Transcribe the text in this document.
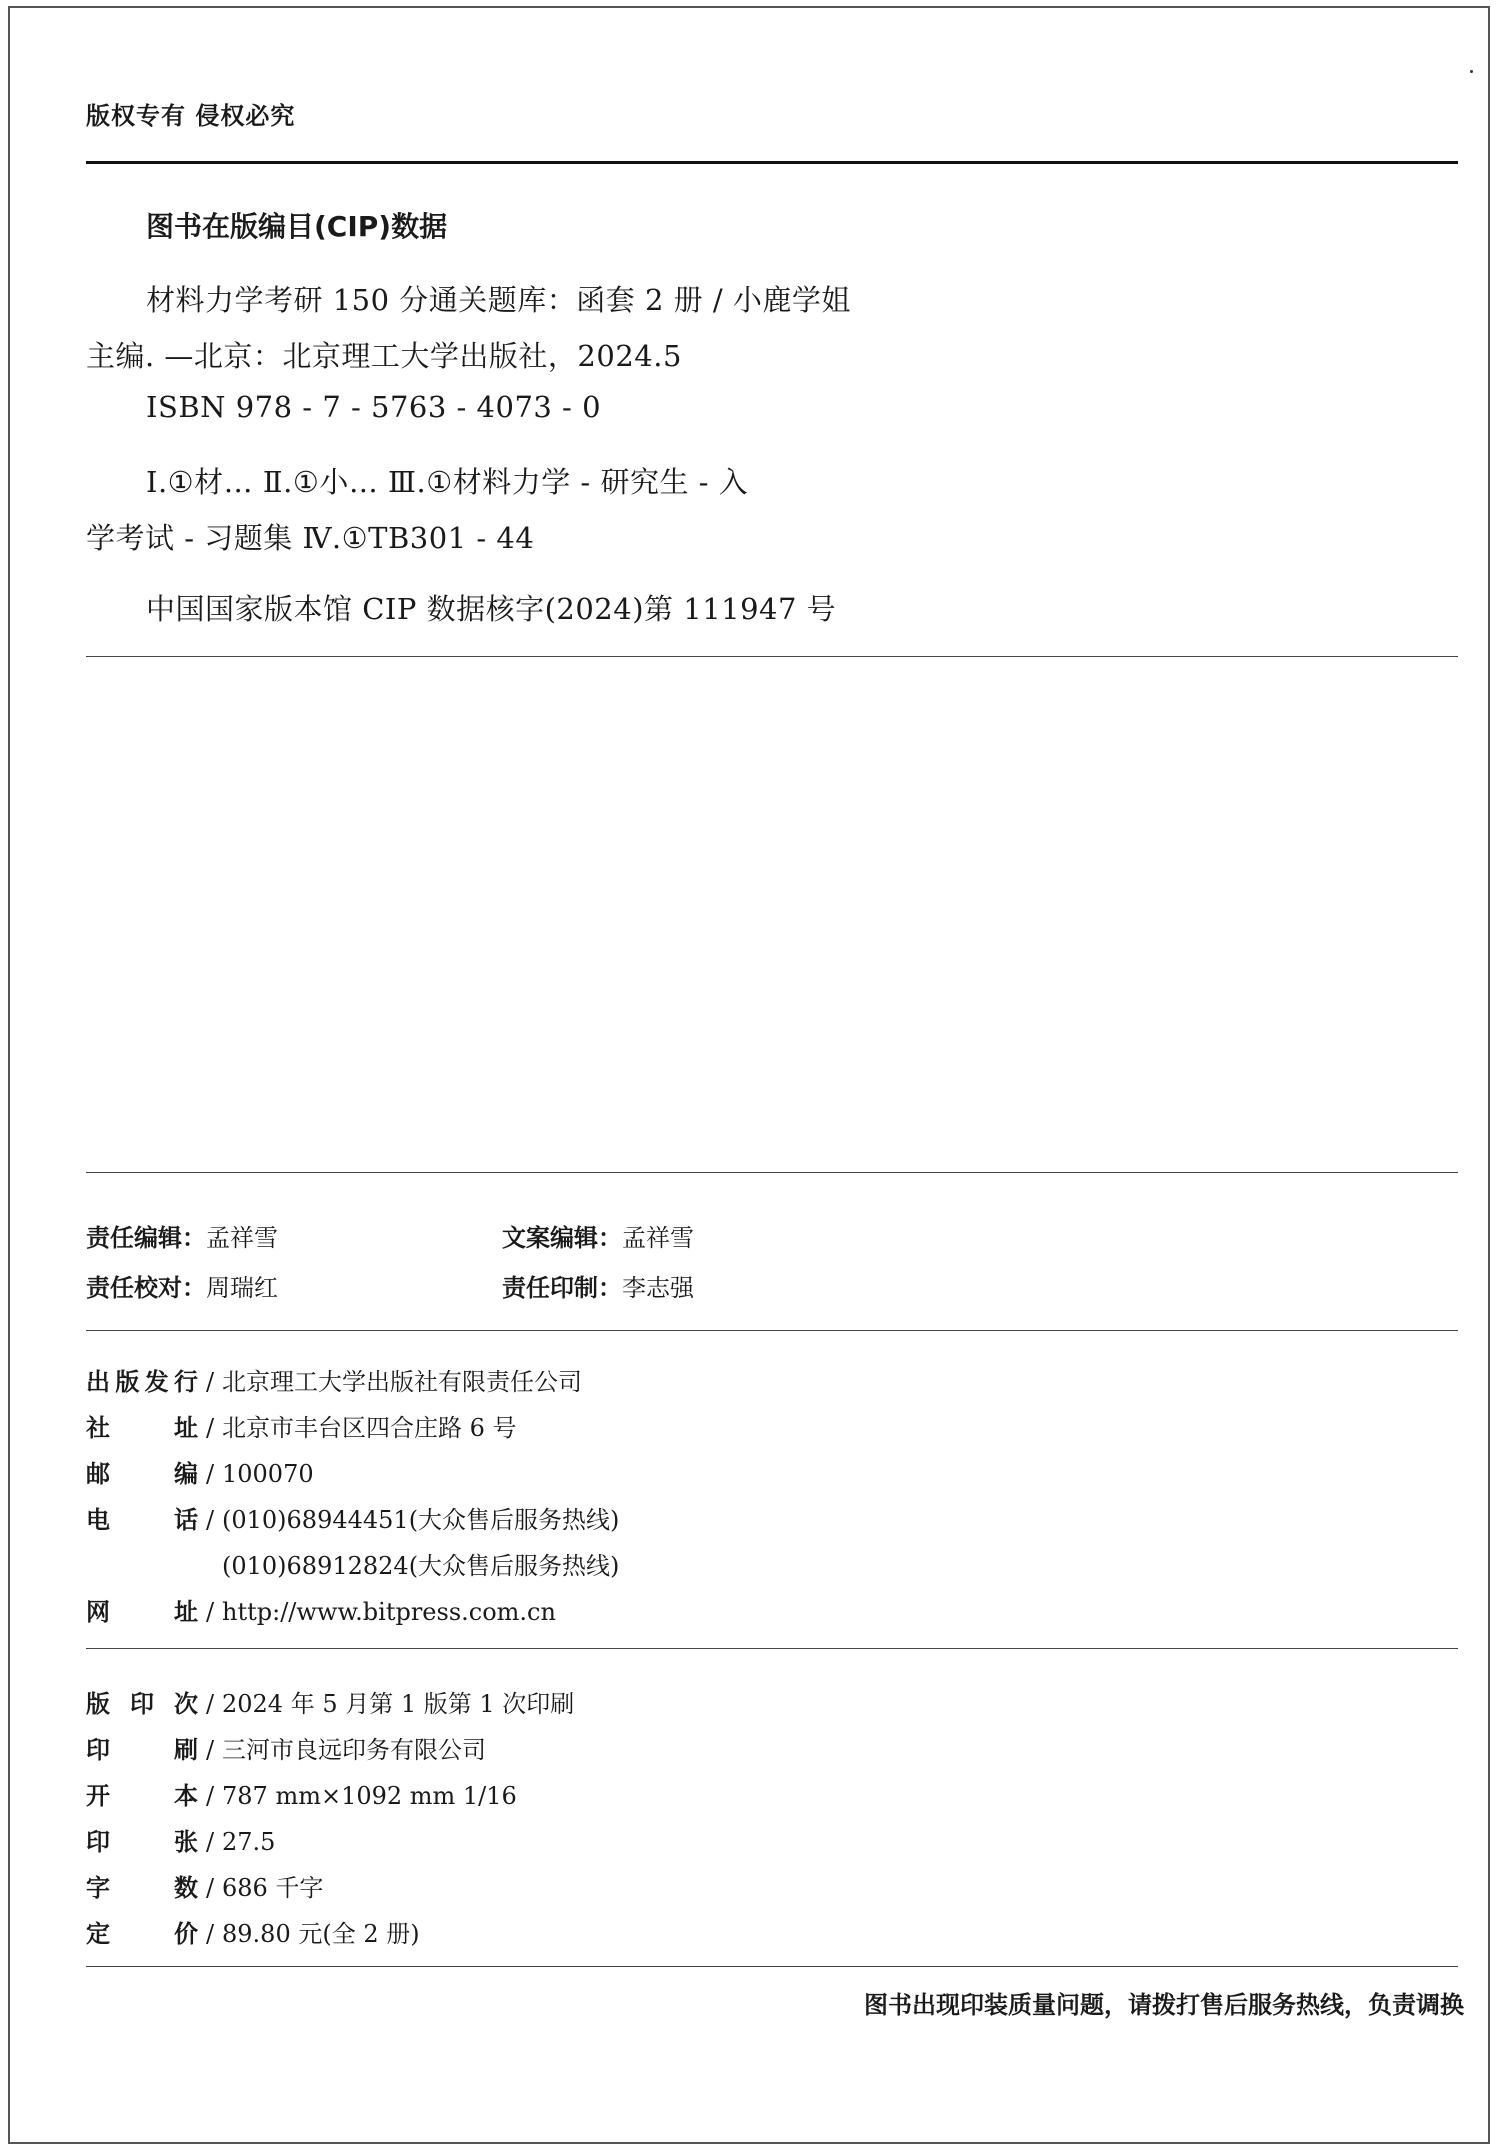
版权专有 侵权必究
图书在版编目(CIP)数据
材料力学考研 150 分通关题库：函套 2 册 / 小鹿学姐
主编. —北京：北京理工大学出版社，2024.5
ISBN 978 - 7 - 5763 - 4073 - 0
Ⅰ.①材… Ⅱ.①小… Ⅲ.①材料力学 - 研究生 - 入
学考试 - 习题集 Ⅳ.①TB301 - 44
中国国家版本馆 CIP 数据核字(2024)第 111947 号
责任编辑：孟祥雪	文案编辑：孟祥雪
责任校对：周瑞红	责任印制：李志强
出版发行 / 北京理工大学出版社有限责任公司
社址 / 北京市丰台区四合庄路 6 号
邮编 / 100070
电话 / (010)68944451(大众售后服务热线)
(010)68912824(大众售后服务热线)
网址 / http://www.bitpress.com.cn
版印次 / 2024 年 5 月第 1 版第 1 次印刷
印刷 / 三河市良远印务有限公司
开本 / 787 mm×1092 mm 1/16
印张 / 27.5
字数 / 686 千字
定价 / 89.80 元(全 2 册)
图书出现印装质量问题，请拨打售后服务热线，负责调换
